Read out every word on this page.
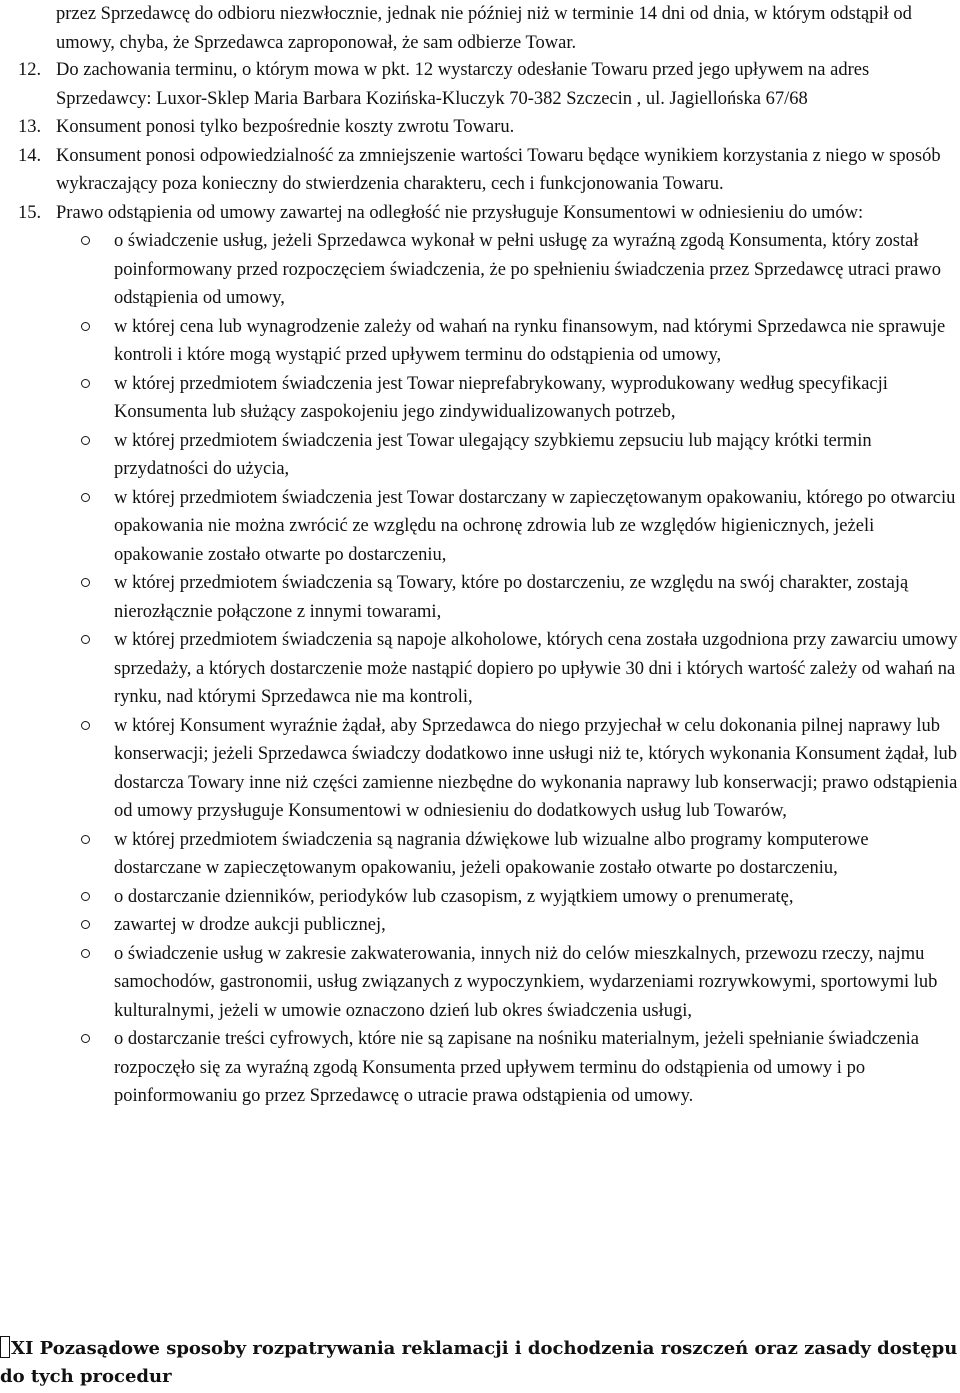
przez Sprzedawcę do odbioru niezwłocznie, jednak nie później niż w terminie 14 dni od dnia, w którym odstąpił od umowy, chyba, że Sprzedawca zaproponował, że sam odbierze Towar.

12. Do zachowania terminu, o którym mowa w pkt. 12 wystarczy odesłanie Towaru przed jego upływem na adres Sprzedawcy: Luxor-Sklep Maria Barbara Kozińska-Kluczyk 70-382 Szczecin , ul. Jagiellońska 67/68
13. Konsument ponosi tylko bezpośrednie koszty zwrotu Towaru.
14. Konsument ponosi odpowiedzialność za zmniejszenie wartości Towaru będące wynikiem korzystania z niego w sposób wykraczający poza konieczny do stwierdzenia charakteru, cech i funkcjonowania Towaru.
15. Prawo odstąpienia od umowy zawartej na odległość nie przysługuje Konsumentowi w odniesieniu do umów:
o świadczenie usług, jeżeli Sprzedawca wykonał w pełni usługę za wyraźną zgodą Konsumenta, który został poinformowany przed rozpoczęciem świadczenia, że po spełnieniu świadczenia przez Sprzedawcę utraci prawo odstąpienia od umowy,
w której cena lub wynagrodzenie zależy od wahań na rynku finansowym, nad którymi Sprzedawca nie sprawuje kontroli i które mogą wystąpić przed upływem terminu do odstąpienia od umowy,
w której przedmiotem świadczenia jest Towar nieprefabrykowany, wyprodukowany według specyfikacji Konsumenta lub służący zaspokojeniu jego zindywidualizowanych potrzeb,
w której przedmiotem świadczenia jest Towar ulegający szybkiemu zepsuciu lub mający krótki termin przydatności do użycia,
w której przedmiotem świadczenia jest Towar dostarczany w zapieczętowanym opakowaniu, którego po otwarciu opakowania nie można zwrócić ze względu na ochronę zdrowia lub ze względów higienicznych, jeżeli opakowanie zostało otwarte po dostarczeniu,
w której przedmiotem świadczenia są Towary, które po dostarczeniu, ze względu na swój charakter, zostają nierozłącznie połączone z innymi towarami,
w której przedmiotem świadczenia są napoje alkoholowe, których cena została uzgodniona przy zawarciu umowy sprzedaży, a których dostarczenie może nastąpić dopiero po upływie 30 dni i których wartość zależy od wahań na rynku, nad którymi Sprzedawca nie ma kontroli,
w której Konsument wyraźnie żądał, aby Sprzedawca do niego przyjechał w celu dokonania pilnej naprawy lub konserwacji; jeżeli Sprzedawca świadczy dodatkowo inne usługi niż te, których wykonania Konsument żądał, lub dostarcza Towary inne niż części zamienne niezbędne do wykonania naprawy lub konserwacji; prawo odstąpienia od umowy przysługuje Konsumentowi w odniesieniu do dodatkowych usług lub Towarów,
w której przedmiotem świadczenia są nagrania dźwiękowe lub wizualne albo programy komputerowe dostarczane w zapieczętowanym opakowaniu, jeżeli opakowanie zostało otwarte po dostarczeniu,
o dostarczanie dzienników, periodyków lub czasopism, z wyjątkiem umowy o prenumeratę,
zawartej w drodze aukcji publicznej,
o świadczenie usług w zakresie zakwaterowania, innych niż do celów mieszkalnych, przewozu rzeczy, najmu samochodów, gastronomii, usług związanych z wypoczynkiem, wydarzeniami rozrywkowymi, sportowymi lub kulturalnymi, jeżeli w umowie oznaczono dzień lub okres świadczenia usługi,
o dostarczanie treści cyfrowych, które nie są zapisane na nośniku materialnym, jeżeli spełnianie świadczenia rozpoczęło się za wyraźną zgodą Konsumenta przed upływem terminu do odstąpienia od umowy i po poinformowaniu go przez Sprzedawcę o utracie prawa odstąpienia od umowy.
XI Pozasądowe sposoby rozpatrywania reklamacji i dochodzenia roszczeń oraz zasady dostępu do tych procedur
